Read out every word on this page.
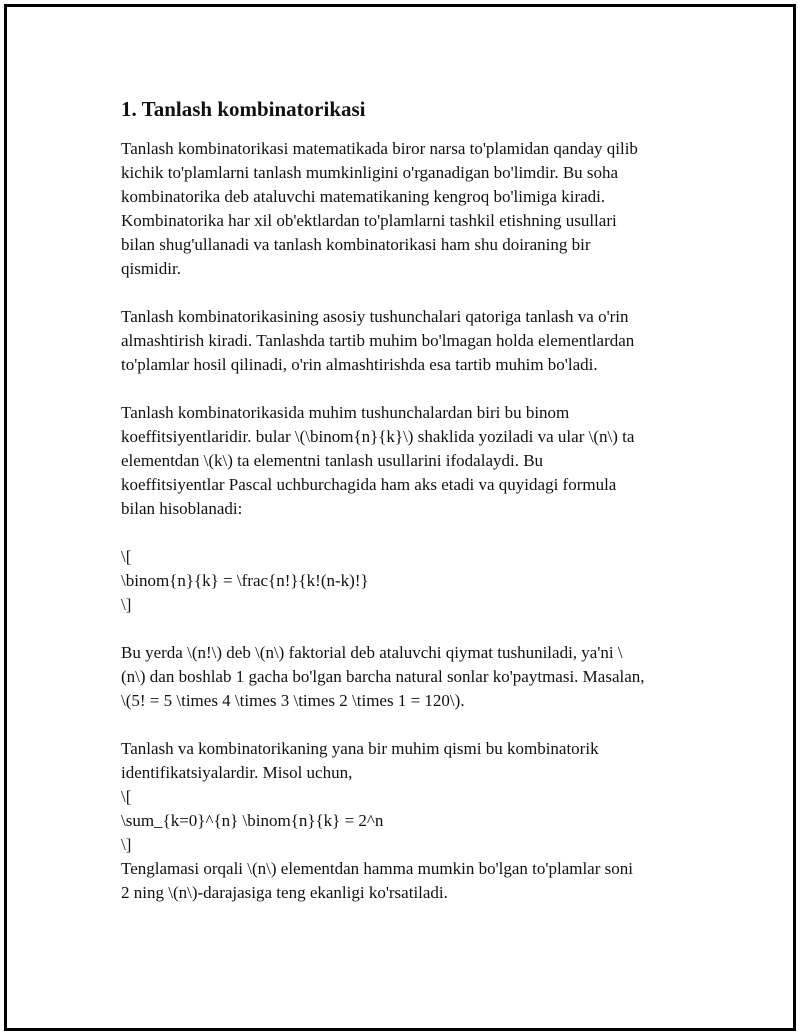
1. Tanlash kombinatorikasi

Tanlash kombinatorikasi matematikada biror narsa to'plamidan qanday qilib
kichik to'plamlarni tanlash mumkinligini o'rganadigan bo'limdir. Bu soha
kombinatorika deb ataluvchi matematikaning kengroq bo'limiga kiradi.
Kombinatorika har xil ob'ektlardan to'plamlarni tashkil etishning usullari
bilan shug'ullanadi va tanlash kombinatorikasi ham shu doiraning bir
qismidir.

Tanlash kombinatorikasining asosiy tushunchalari qatoriga tanlash va o'rin
almashtirish kiradi. Tanlashda tartib muhim bo'lmagan holda elementlardan
to'plamlar hosil qilinadi, o'rin almashtirishda esa tartib muhim bo'ladi.

Tanlash kombinatorikasida muhim tushunchalardan biri bu binom
koeffitsiyentlaridir. bular \(\binom{n}{k}\) shaklida yoziladi va ular \(n\) ta
elementdan \(k\) ta elementni tanlash usullarini ifodalaydi. Bu
koeffitsiyentlar Pascal uchburchagida ham aks etadi va quyidagi formula
bilan hisoblanadi:

\[
\binom{n}{k} = \frac{n!}{k!(n-k)!}
\]

Bu yerda \(n!\) deb \(n\) faktorial deb ataluvchi qiymat tushuniladi, ya'ni \
(n\) dan boshlab 1 gacha bo'lgan barcha natural sonlar ko'paytmasi. Masalan,
\(5! = 5 \times 4 \times 3 \times 2 \times 1 = 120\).

Tanlash va kombinatorikaning yana bir muhim qismi bu kombinatorik
identifikatsiyalardir. Misol uchun,
\[
\sum_{k=0}^{n} \binom{n}{k} = 2^n
\]
Tenglamasi orqali \(n\) elementdan hamma mumkin bo'lgan to'plamlar soni
2 ning \(n\)-darajasiga teng ekanligi ko'rsatiladi.
